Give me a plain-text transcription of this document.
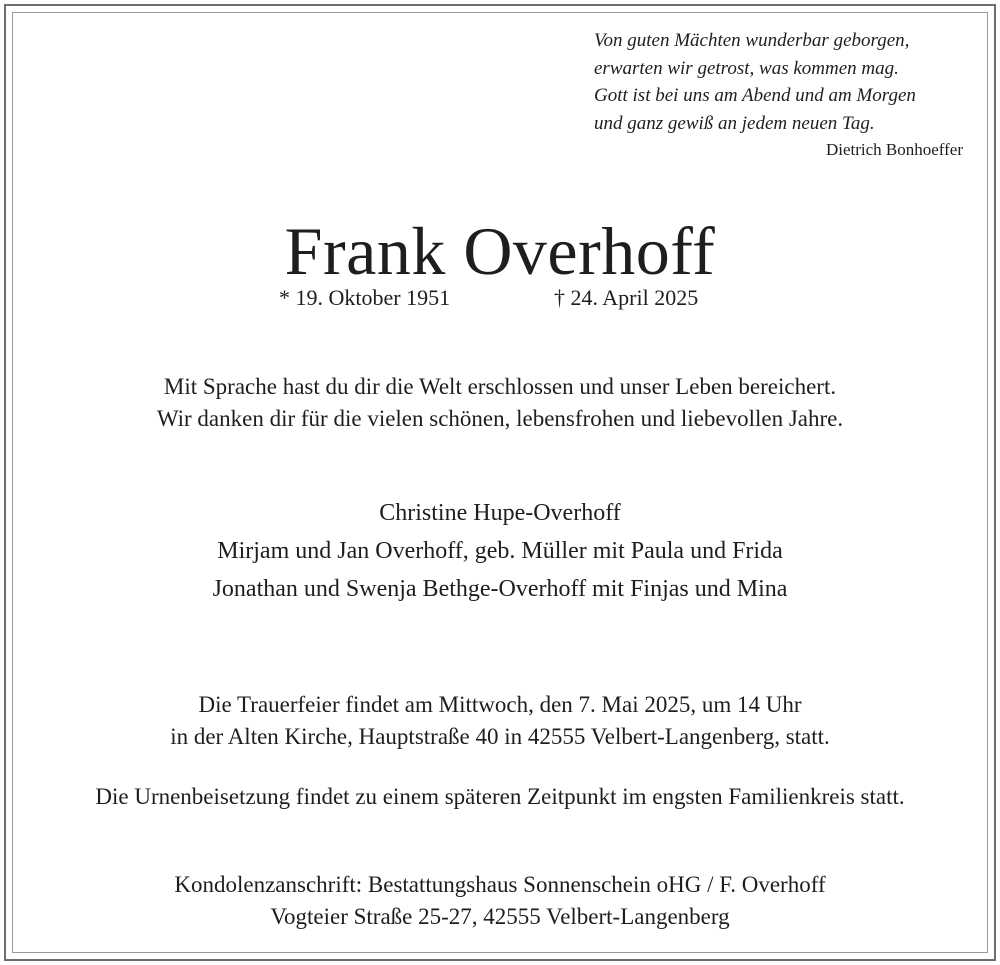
Von guten Mächten wunderbar geborgen,
erwarten wir getrost, was kommen mag.
Gott ist bei uns am Abend und am Morgen
und ganz gewiß an jedem neuen Tag.
Dietrich Bonhoeffer
Frank Overhoff
* 19. Oktober 1951	† 24. April 2025
Mit Sprache hast du dir die Welt erschlossen und unser Leben bereichert.
Wir danken dir für die vielen schönen, lebensfrohen und liebevollen Jahre.
Christine Hupe-Overhoff
Mirjam und Jan Overhoff, geb. Müller mit Paula und Frida
Jonathan und Swenja Bethge-Overhoff mit Finjas und Mina
Die Trauerfeier findet am Mittwoch, den 7. Mai 2025, um 14 Uhr
in der Alten Kirche, Hauptstraße 40 in 42555 Velbert-Langenberg, statt.
Die Urnenbeisetzung findet zu einem späteren Zeitpunkt im engsten Familienkreis statt.
Kondolenzanschrift: Bestattungshaus Sonnenschein oHG / F. Overhoff
Vogteier Straße 25-27, 42555 Velbert-Langenberg
